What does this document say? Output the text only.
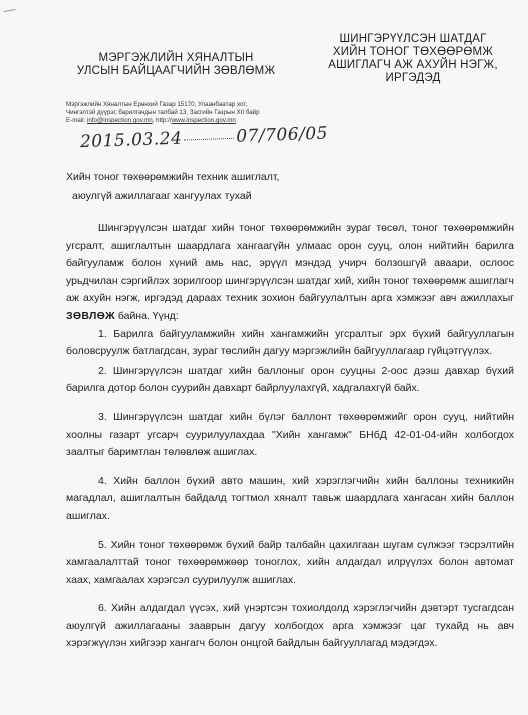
МЭРГЭЖЛИЙН ХЯНАЛТЫН
УЛСЫН БАЙЦААГЧИЙН ЗӨВЛӨМЖ
ШИНГЭРҮҮЛСЭН ШАТДАГ
ХИЙН ТОНОГ ТӨХӨӨРӨМЖ
АШИГЛАГЧ АЖ АХУЙН НЭГЖ,
ИРГЭДЭД
Мэргэжлийн Хяналтын Ерөнхий Газар 15170, Улаанбаатар хот,
Чингэлтэй дүүрэг, барилгачдын талбай 13, Засгийн Газрын XII байр
E-mail: info@inspection.gov.mn, http://www.inspection.gov.mn
2015.03.24	07/706/05
Хийн тоног төхөөрөмжийн техник ашиглалт,
аюулгүй ажиллагааг хангуулах тухай

Шингэрүүлсэн шатдаг хийн тоног төхөөрөмжийн зураг төсөл, тоног төхөөрөмжийн угсралт, ашиглалтын шаардлага хангаагүйн улмаас орон сууц, олон нийтийн барилга байгууламж болон хүний амь нас, эрүүл мэндэд учирч болзошгүй аваари, ослоос урьдчилан сэргийлэх зорилгоор шингэрүүлсэн шатдаг хий, хийн тоног төхөөрөмж ашиглагч аж ахуйн нэгж, иргэдэд дараах техник зохион байгуулалтын арга хэмжээг авч ажиллахыг ЗӨВЛӨЖ байна. Үүнд:

1. Барилга байгууламжийн хийн хангамжийн угсралтыг эрх бүхий байгууллагын боловсруулж батлагдсан, зураг төслийн дагуу мэргэжлийн байгууллагаар гүйцэтгүүлэх.

2. Шингэрүүлсэн шатдаг хийн баллоныг орон сууцны 2-оос дээш давхар бүхий барилга дотор болон суурийн давхарт байрлуулахгүй, хадгалахгүй байх.

3. Шингэрүүлсэн шатдаг хийн бүлэг баллонт төхөөрөмжийг орон сууц, нийтийн хоолны газарт угсарч суурилуулахдаа "Хийн хангамж" БНбД 42-01-04-ийн холбогдох заалтыг баримтлан төлөвлөж ашиглах.

4. Хийн баллон бүхий авто машин, хий хэрэглэгчийн хийн баллоны техникийн магадлал, ашиглалтын байдалд тогтмол хяналт тавьж шаардлага хангасан хийн баллон ашиглах.

5. Хийн тоног төхөөрөмж бүхий байр талбайн цахилгаан шугам сүлжээг тэсрэлтийн хамгаалалттай тоног төхөөрөмжөөр тоноглох, хийн алдагдал илрүүлэх болон автомат хаах, хамгаалах хэрэгсэл суурилуулж ашиглах.

6. Хийн алдагдал үүсэх, хий үнэртсэн тохиолдолд хэрэглэгчийн дэвтэрт тусгагдсан аюулгүй ажиллагааны зааврын дагуу холбогдох арга хэмжээг цаг тухайд нь авч хэрэгжүүлэн хийгээр хангагч болон онцгой байдлын байгууллагад мэдэгдэх.
